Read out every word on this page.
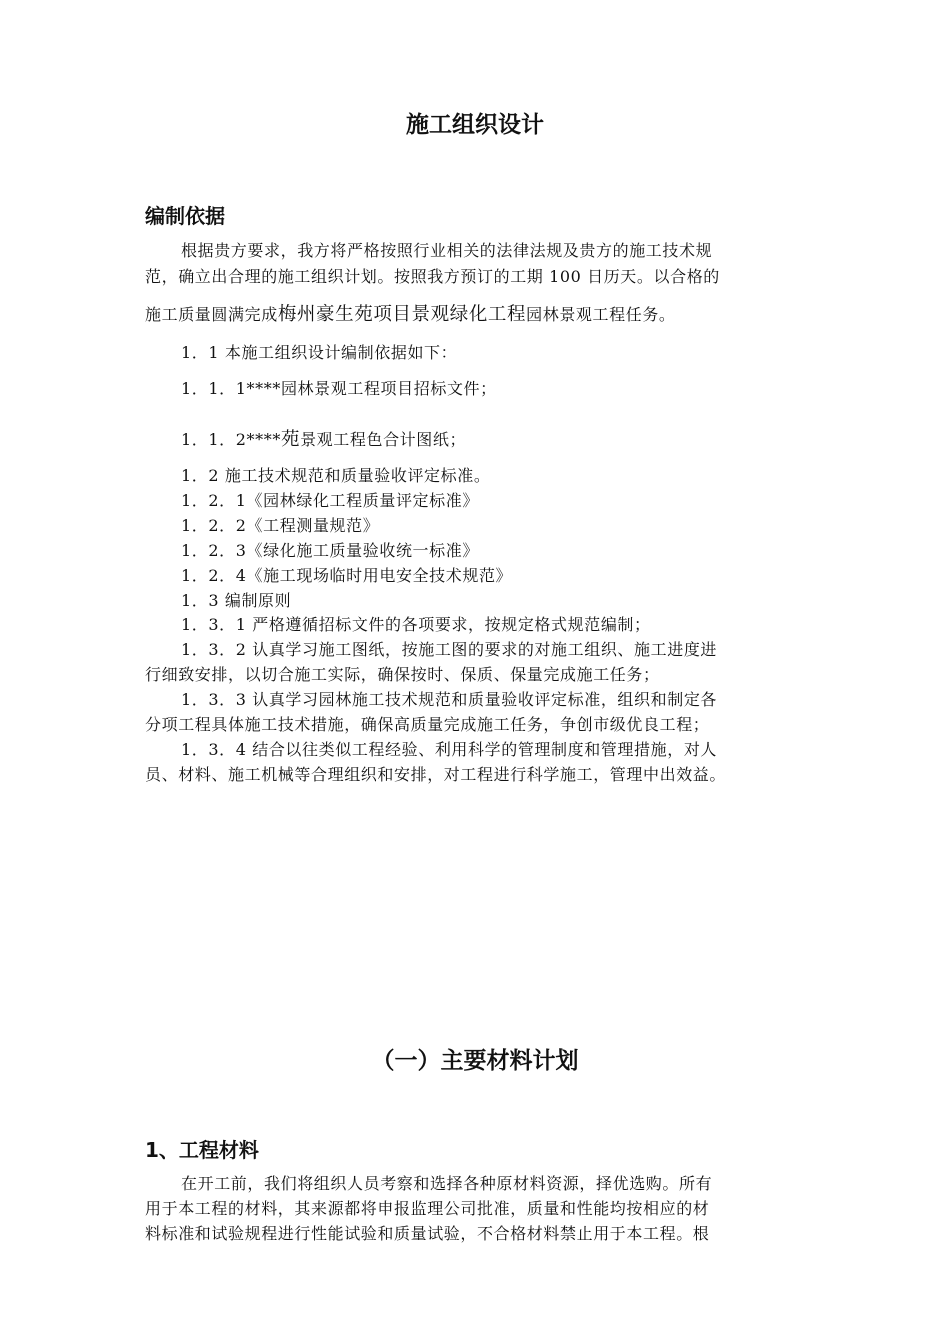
施工组织设计
编制依据
根据贵方要求，我方将严格按照行业相关的法律法规及贵方的施工技术规
范，确立出合理的施工组织计划。按照我方预订的工期 100 日历天。以合格的
施工质量圆满完成梅州豪生苑项目景观绿化工程园林景观工程任务。
1．1 本施工组织设计编制依据如下：
1．1．1****园林景观工程项目招标文件；
1．1．2****苑景观工程色合计图纸；
1．2 施工技术规范和质量验收评定标准。
1．2．1《园林绿化工程质量评定标准》
1．2．2《工程测量规范》
1．2．3《绿化施工质量验收统一标准》
1．2．4《施工现场临时用电安全技术规范》
1．3 编制原则
1．3．1 严格遵循招标文件的各项要求，按规定格式规范编制；
1．3．2 认真学习施工图纸，按施工图的要求的对施工组织、施工进度进
行细致安排，以切合施工实际，确保按时、保质、保量完成施工任务；
1．3．3 认真学习园林施工技术规范和质量验收评定标准，组织和制定各
分项工程具体施工技术措施，确保高质量完成施工任务，争创市级优良工程；
1．3．4 结合以往类似工程经验、利用科学的管理制度和管理措施，对人
员、材料、施工机械等合理组织和安排，对工程进行科学施工，管理中出效益。
（一）主要材料计划
1、工程材料
在开工前，我们将组织人员考察和选择各种原材料资源，择优选购。所有
用于本工程的材料，其来源都将申报监理公司批准，质量和性能均按相应的材
料标准和试验规程进行性能试验和质量试验，不合格材料禁止用于本工程。根
